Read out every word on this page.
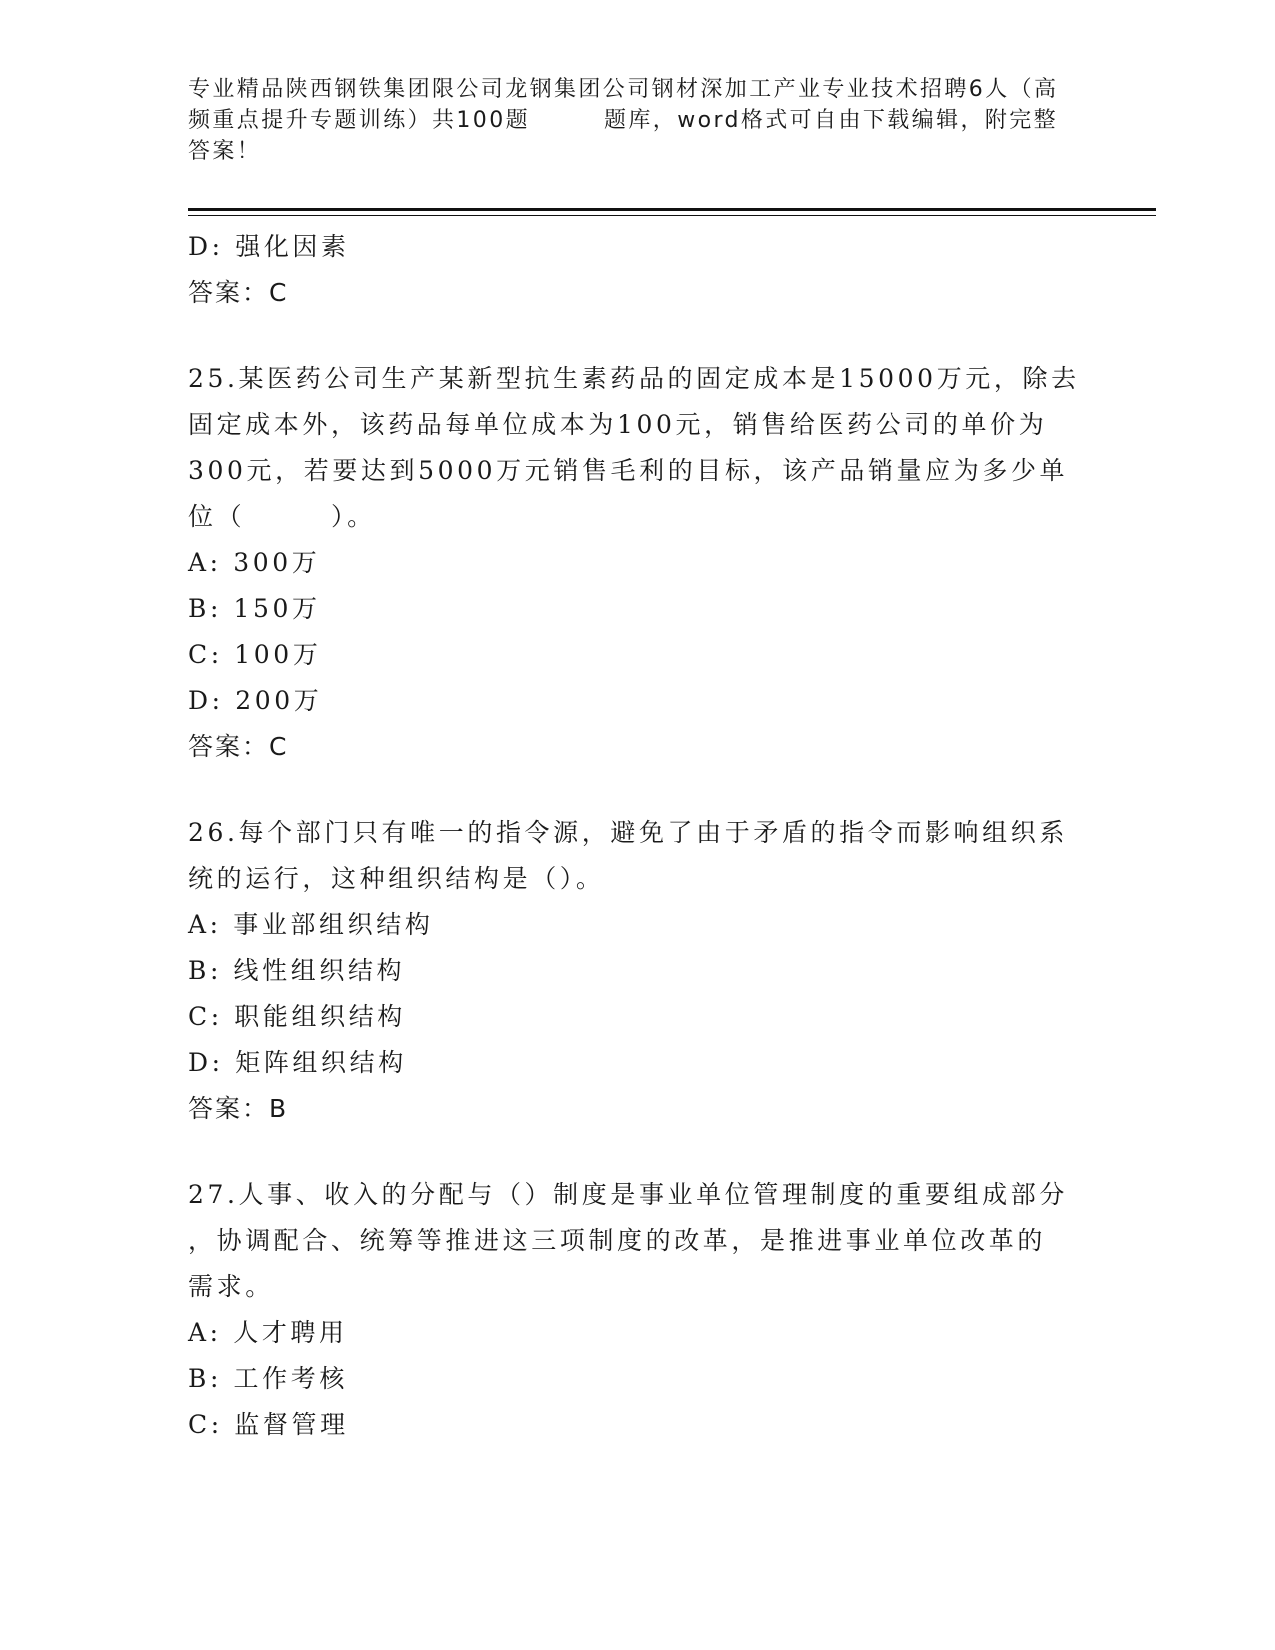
专业精品陕西钢铁集团限公司龙钢集团公司钢材深加工产业专业技术招聘6人（高
频重点提升专题训练）共100题	题库，word格式可自由下载编辑，附完整
答案！
D: 强化因素
答案：C
25.某医药公司生产某新型抗生素药品的固定成本是15000万元，除去
固定成本外，该药品每单位成本为100元，销售给医药公司的单价为
300元，若要达到5000万元销售毛利的目标，该产品销量应为多少单
位（　　　）。
A: 300万
B: 150万
C: 100万
D: 200万
答案：C
26.每个部门只有唯一的指令源，避免了由于矛盾的指令而影响组织系
统的运行，这种组织结构是（）。
A: 事业部组织结构
B: 线性组织结构
C: 职能组织结构
D: 矩阵组织结构
答案：B
27.人事、收入的分配与（）制度是事业单位管理制度的重要组成部分
，协调配合、统筹等推进这三项制度的改革，是推进事业单位改革的
需求。
A: 人才聘用
B: 工作考核
C: 监督管理
